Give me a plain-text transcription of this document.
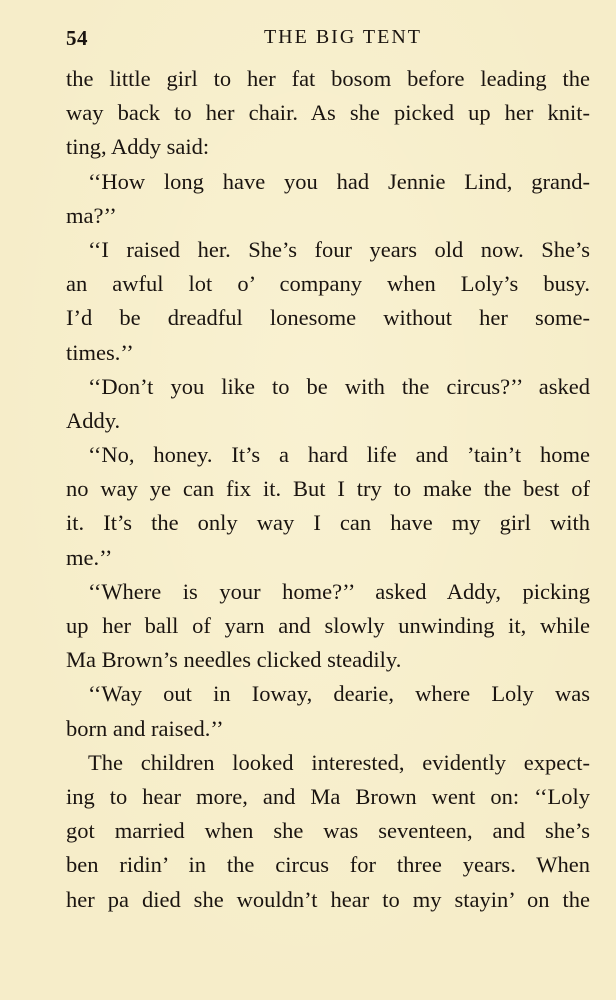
54	THE BIG TENT
the little girl to her fat bosom before leading the
way back to her chair. As she picked up her knit-
ting, Addy said:
‘‘How long have you had Jennie Lind, grand-
ma?’’
‘‘I raised her. She’s four years old now. She’s
an awful lot o’ company when Loly’s busy.
I’d be dreadful lonesome without her some-
times.’’
‘‘Don’t you like to be with the circus?’’ asked
Addy.
‘‘No, honey. It’s a hard life and ’tain’t home
no way ye can fix it. But I try to make the best of
it. It’s the only way I can have my girl with
me.’’
‘‘Where is your home?’’ asked Addy, picking
up her ball of yarn and slowly unwinding it, while
Ma Brown’s needles clicked steadily.
‘‘Way out in Ioway, dearie, where Loly was
born and raised.’’
The children looked interested, evidently expect-
ing to hear more, and Ma Brown went on: ‘‘Loly
got married when she was seventeen, and she’s
ben ridin’ in the circus for three years. When
her pa died she wouldn’t hear to my stayin’ on the
